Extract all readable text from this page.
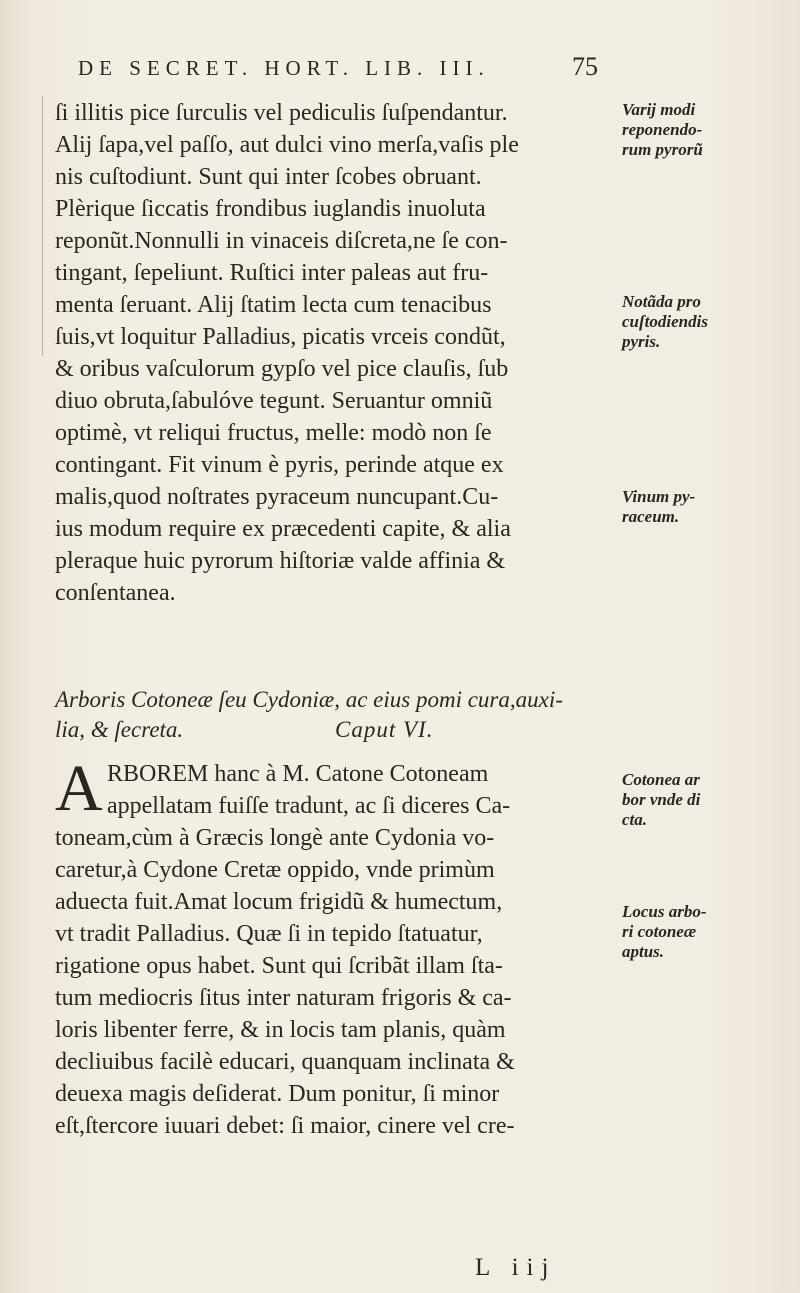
DE SECRET. HORT. LIB. III.	75
ſi illitis pice ſurculis vel pediculis ſuſpendantur.
Alij ſapa,vel paſſo, aut dulci vino merſa,vaſis ple
nis cuſtodiunt. Sunt qui inter ſcobes obruant.
Plèrique ſiccatis frondibus iuglandis inuoluta
reponũt.Nonnulli in vinaceis diſcreta,ne ſe con-
tingant, ſepeliunt. Ruſtici inter paleas aut fru-
menta ſeruant. Alij ſtatim lecta cum tenacibus
ſuis,vt loquitur Palladius, picatis vrceis condũt,
& oribus vaſculorum gypſo vel pice clauſis, ſub
diuo obruta,ſabulóve tegunt. Seruantur omniũ
optimè, vt reliqui fructus, melle: modò non ſe
contingant. Fit vinum è pyris, perinde atque ex
malis,quod noſtrates pyraceum nuncupant.Cu-
ius modum require ex præcedenti capite, & alia
pleraque huic pyrorum hiſtoriæ valde affinia &
conſentanea.
Arboris Cotoneæ ſeu Cydoniæ, ac eius pomi cura,auxi-
lia, & ſecreta.	Caput VI.
A RBOREM hanc à M. Catone Cotoneam
appellatam fuiſſe tradunt, ac ſi diceres Ca-
toneam,cùm à Græcis longè ante Cydonia vo-
caretur,à Cydone Cretæ oppido, vnde primùm
aduecta fuit.Amat locum frigidũ & humectum,
vt tradit Palladius. Quæ ſi in tepido ſtatuatur,
rigatione opus habet. Sunt qui ſcribãt illam ſta-
tum mediocris ſitus inter naturam frigoris & ca-
loris libenter ferre, & in locis tam planis, quàm
decliuibus facilè educari, quanquam inclinata &
deuexa magis deſiderat. Dum ponitur, ſi minor
eſt,ſtercore iuuari debet: ſi maior, cinere vel cre-
Varij modi
reponendo-
rum pyrorũ
Notãda pro
cuſtodiendis
pyris.
Vinum py-
raceum.
Cotonea ar
bor vnde di
cta.
Locus arbo-
ri cotoneæ
aptus.
L iij
